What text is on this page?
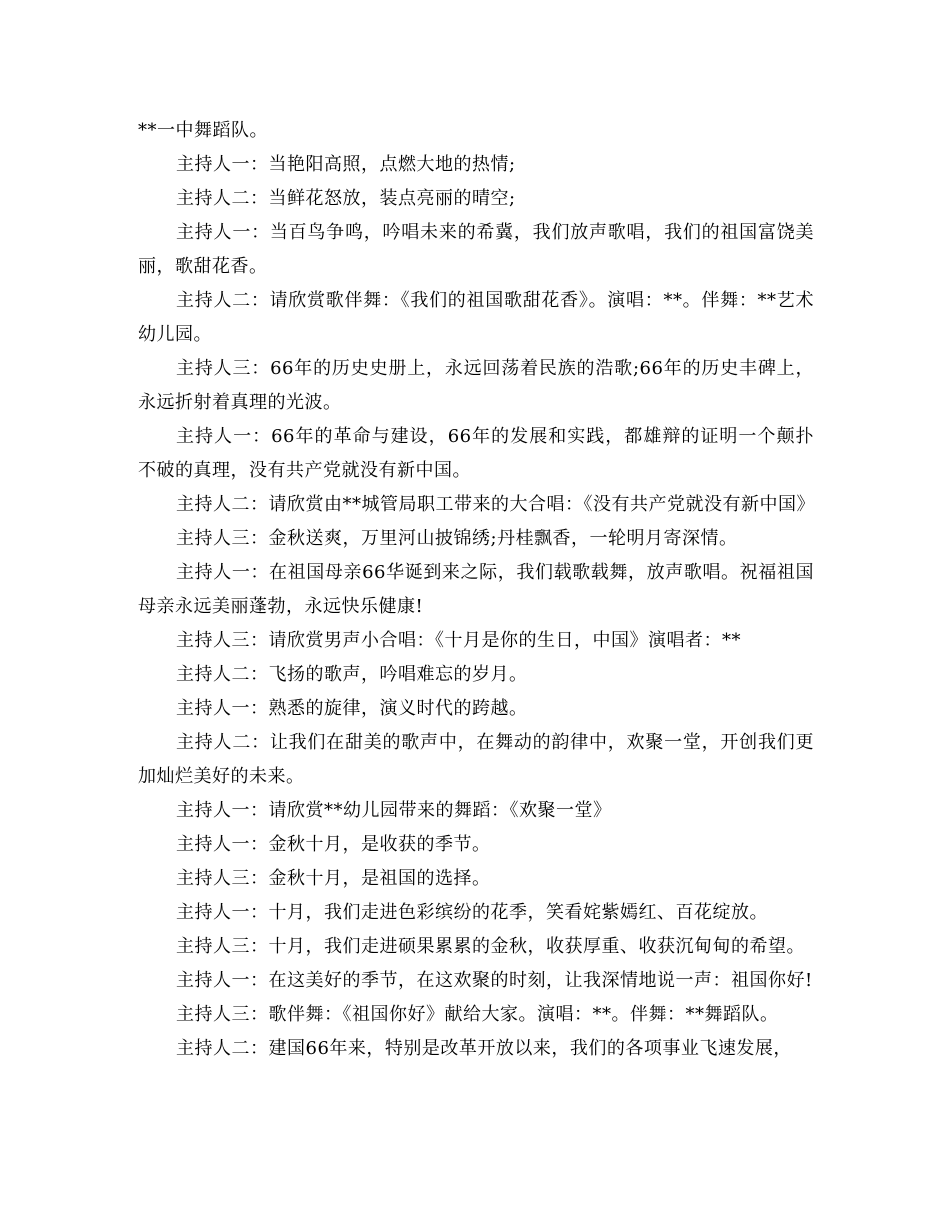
**一中舞蹈队。

主持人一：当艳阳高照，点燃大地的热情;

主持人二：当鲜花怒放，装点亮丽的晴空;

主持人一：当百鸟争鸣，吟唱未来的希冀，我们放声歌唱，我们的祖国富饶美丽，歌甜花香。

主持人二：请欣赏歌伴舞：《我们的祖国歌甜花香》。演唱：**。伴舞：**艺术幼儿园。

主持人三：66年的历史史册上，永远回荡着民族的浩歌;66年的历史丰碑上，永远折射着真理的光波。

主持人一：66年的革命与建设，66年的发展和实践，都雄辩的证明一个颠扑不破的真理，没有共产党就没有新中国。

主持人二：请欣赏由**城管局职工带来的大合唱：《没有共产党就没有新中国》

主持人三：金秋送爽，万里河山披锦绣;丹桂飘香，一轮明月寄深情。

主持人一：在祖国母亲66华诞到来之际，我们载歌载舞，放声歌唱。祝福祖国母亲永远美丽蓬勃，永远快乐健康!

主持人三：请欣赏男声小合唱：《十月是你的生日，中国》演唱者：**

主持人二：飞扬的歌声，吟唱难忘的岁月。

主持人一：熟悉的旋律，演义时代的跨越。

主持人二：让我们在甜美的歌声中，在舞动的韵律中，欢聚一堂，开创我们更加灿烂美好的未来。

主持人一：请欣赏**幼儿园带来的舞蹈：《欢聚一堂》

主持人一：金秋十月，是收获的季节。

主持人三：金秋十月，是祖国的选择。

主持人一：十月，我们走进色彩缤纷的花季，笑看姹紫嫣红、百花绽放。

主持人三：十月，我们走进硕果累累的金秋，收获厚重、收获沉甸甸的希望。

主持人一：在这美好的季节，在这欢聚的时刻，让我深情地说一声：祖国你好!

主持人三：歌伴舞：《祖国你好》献给大家。演唱：**。伴舞：**舞蹈队。

主持人二：建国66年来，特别是改革开放以来，我们的各项事业飞速发展，
